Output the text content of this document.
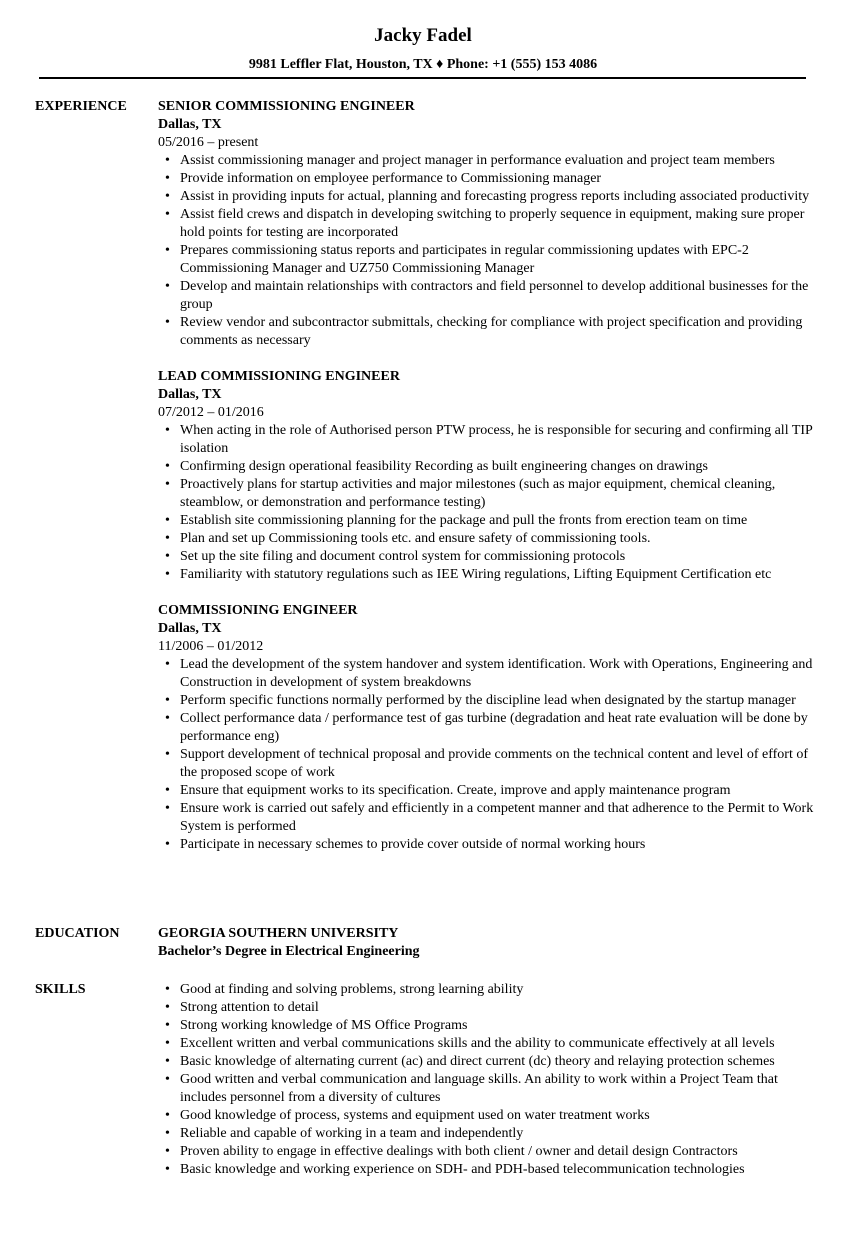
Jacky Fadel
9981 Leffler Flat, Houston, TX ♦ Phone: +1 (555) 153 4086
EXPERIENCE	SENIOR COMMISSIONING ENGINEER
Dallas, TX
05/2016 – present
• Assist commissioning manager and project manager in performance evaluation and project team members
• Provide information on employee performance to Commissioning manager
• Assist in providing inputs for actual, planning and forecasting progress reports including associated productivity
• Assist field crews and dispatch in developing switching to properly sequence in equipment, making sure proper hold points for testing are incorporated
• Prepares commissioning status reports and participates in regular commissioning updates with EPC-2 Commissioning Manager and UZ750 Commissioning Manager
• Develop and maintain relationships with contractors and field personnel to develop additional businesses for the group
• Review vendor and subcontractor submittals, checking for compliance with project specification and providing comments as necessary
LEAD COMMISSIONING ENGINEER
Dallas, TX
07/2012 – 01/2016
• When acting in the role of Authorised person PTW process, he is responsible for securing and confirming all TIP isolation
• Confirming design operational feasibility Recording as built engineering changes on drawings
• Proactively plans for startup activities and major milestones (such as major equipment, chemical cleaning, steamblow, or demonstration and performance testing)
• Establish site commissioning planning for the package and pull the fronts from erection team on time
• Plan and set up Commissioning tools etc. and ensure safety of commissioning tools.
• Set up the site filing and document control system for commissioning protocols
• Familiarity with statutory regulations such as IEE Wiring regulations, Lifting Equipment Certification etc
COMMISSIONING ENGINEER
Dallas, TX
11/2006 – 01/2012
• Lead the development of the system handover and system identification. Work with Operations, Engineering and Construction in development of system breakdowns
• Perform specific functions normally performed by the discipline lead when designated by the startup manager
• Collect performance data / performance test of gas turbine (degradation and heat rate evaluation will be done by performance eng)
• Support development of technical proposal and provide comments on the technical content and level of effort of the proposed scope of work
• Ensure that equipment works to its specification. Create, improve and apply maintenance program
• Ensure work is carried out safely and efficiently in a competent manner and that adherence to the Permit to Work System is performed
• Participate in necessary schemes to provide cover outside of normal working hours
EDUCATION	GEORGIA SOUTHERN UNIVERSITY
Bachelor’s Degree in Electrical Engineering
SKILLS
•	Good at finding and solving problems, strong learning ability
• Strong attention to detail
• Strong working knowledge of MS Office Programs
• Excellent written and verbal communications skills and the ability to communicate effectively at all levels
• Basic knowledge of alternating current (ac) and direct current (dc) theory and relaying protection schemes
• Good written and verbal communication and language skills. An ability to work within a Project Team that includes personnel from a diversity of cultures
• Good knowledge of process, systems and equipment used on water treatment works
• Reliable and capable of working in a team and independently
• Proven ability to engage in effective dealings with both client / owner and detail design Contractors
• Basic knowledge and working experience on SDH- and PDH-based telecommunication technologies
